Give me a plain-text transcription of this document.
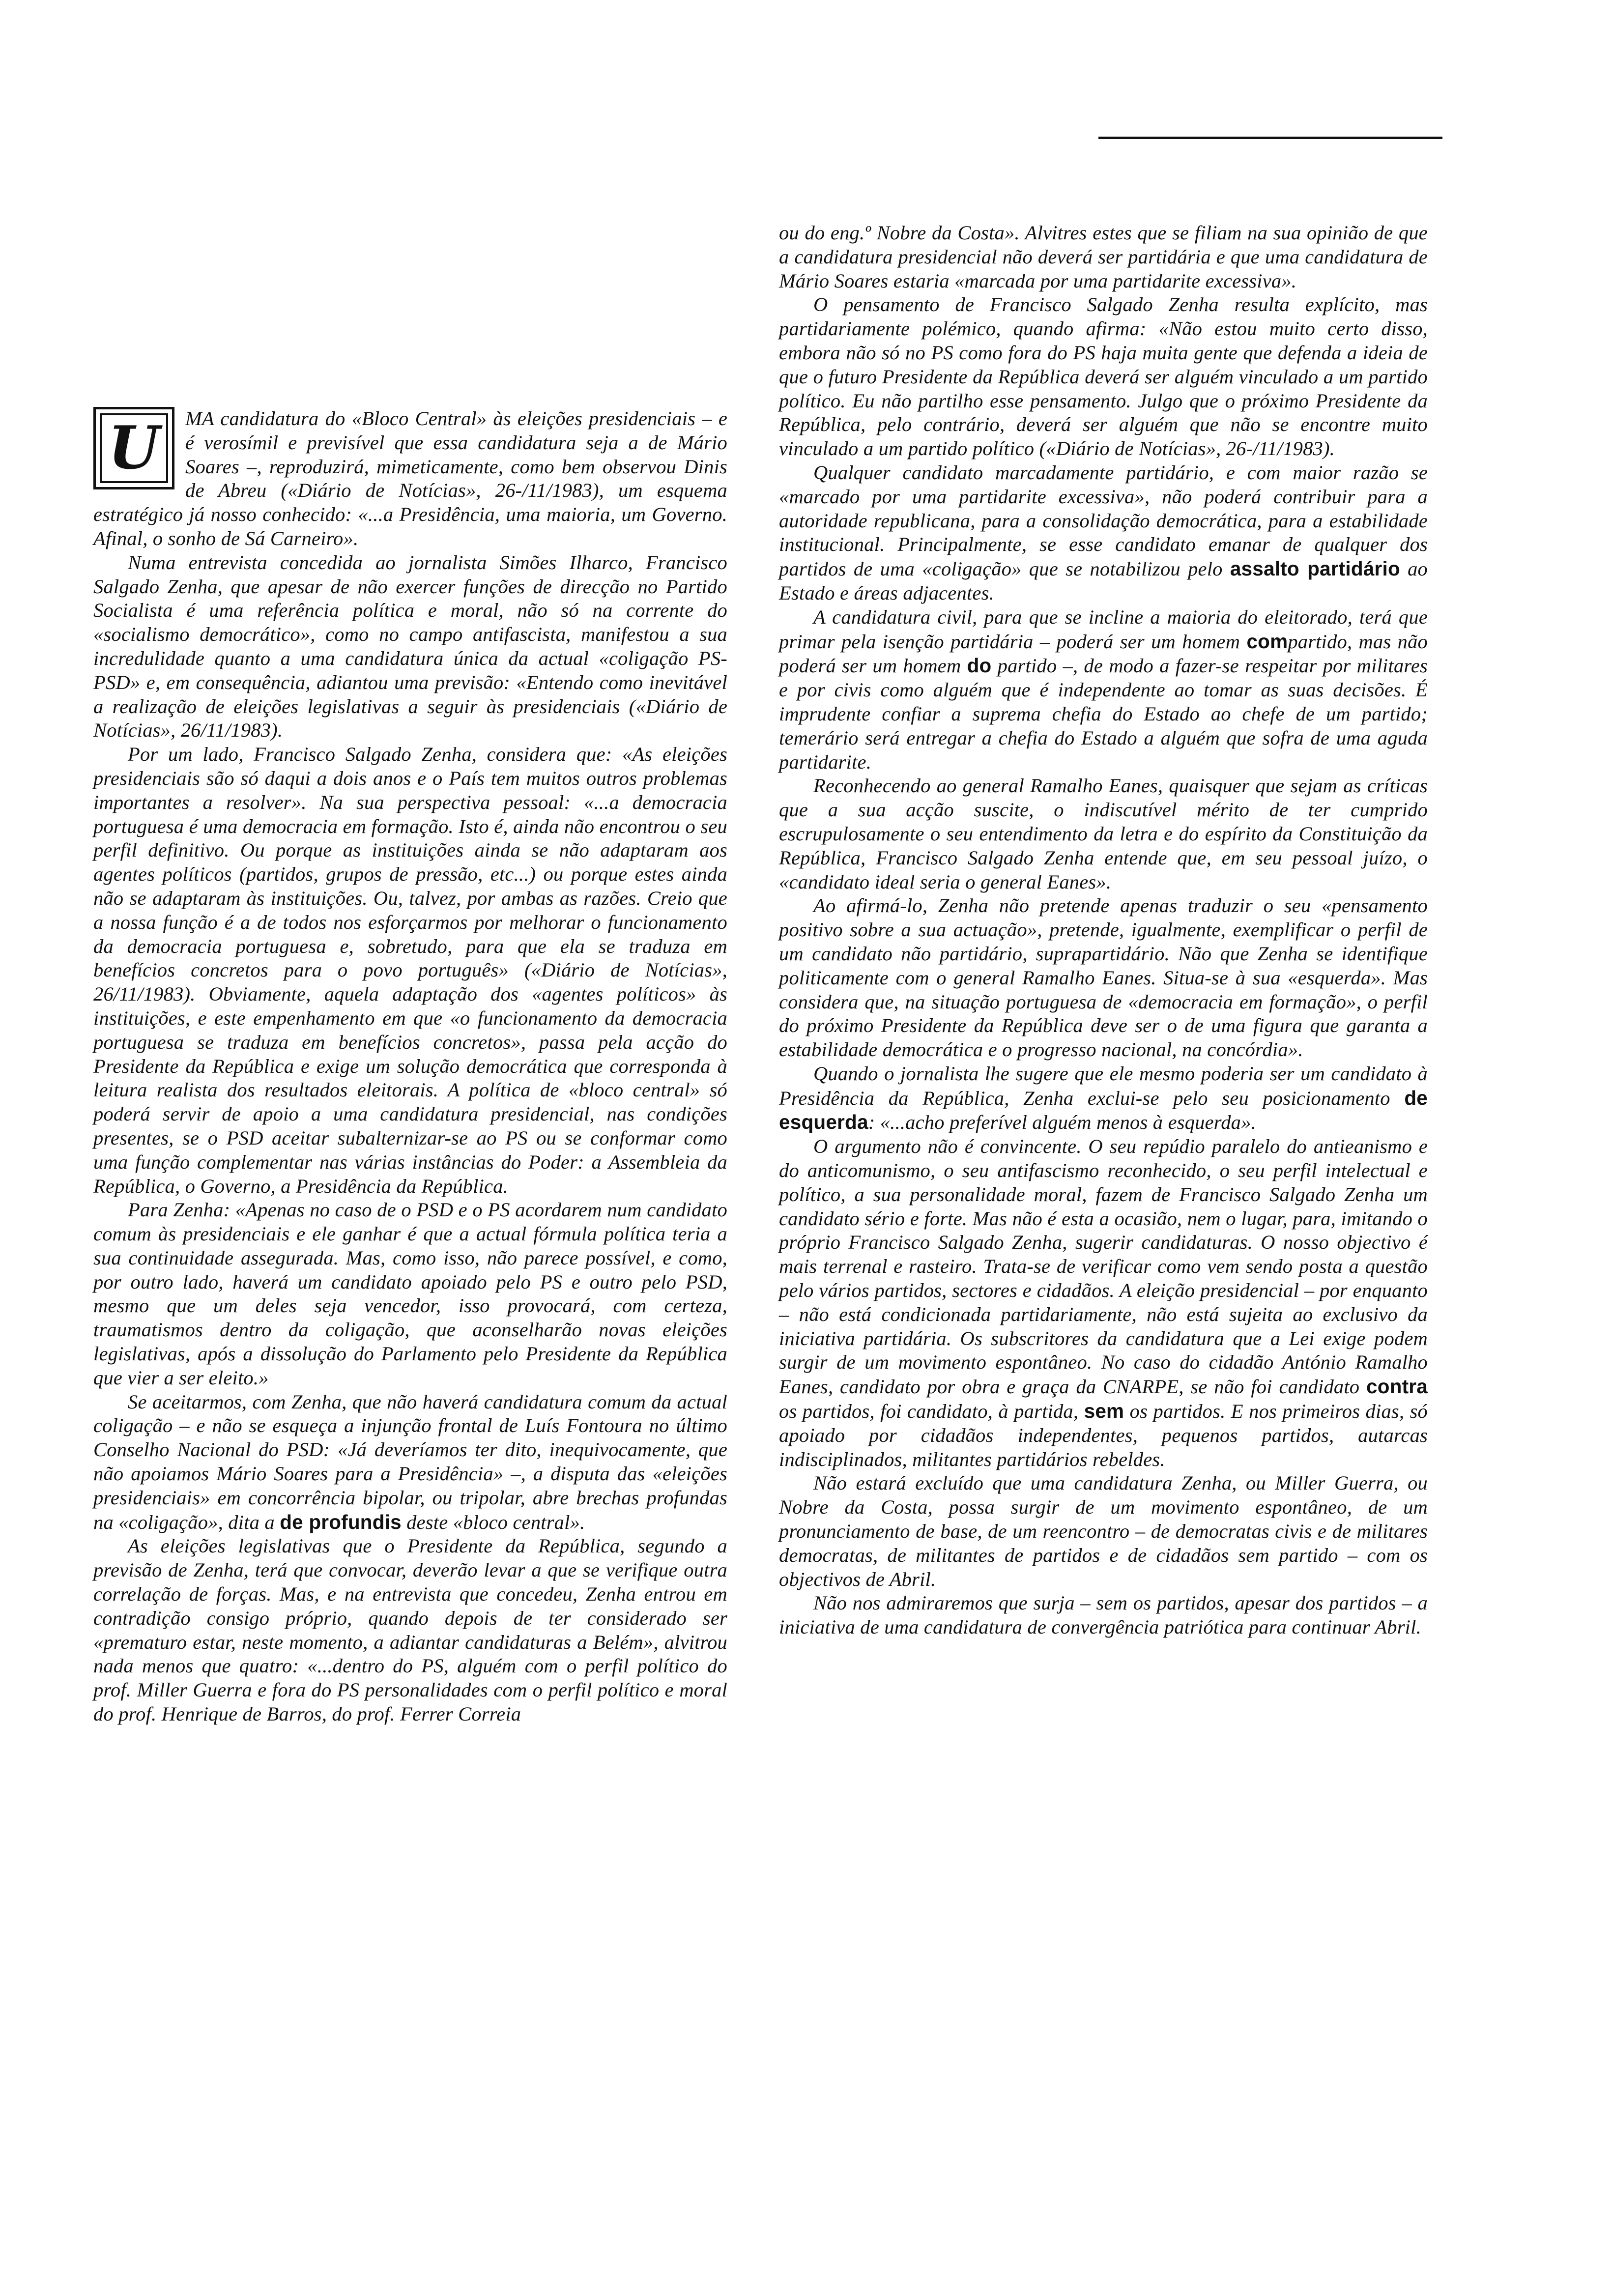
U	MA candidatura do «Bloco Central» às eleições presidenciais – e é verosímil e previsível que essa candidatura seja a de Mário Soares –, reproduzirá, mimeticamente, como bem observou Dinis de Abreu («Diário de Notícias», 26-/11/1983), um esquema estratégico já nosso conhecido: «...a Presidência, uma maioria, um Governo. Afinal, o sonho de Sá Carneiro».

Numa entrevista concedida ao jornalista Simões Ilharco, Francisco Salgado Zenha, que apesar de não exercer funções de direcção no Partido Socialista é uma referência política e moral, não só na corrente do «socialismo democrático», como no campo antifascista, manifestou a sua incredulidade quanto a uma candidatura única da actual «coligação PS-PSD» e, em consequência, adiantou uma previsão: «Entendo como inevitável a realização de eleições legislativas a seguir às presidenciais («Diário de Notícias», 26/11/1983).

Por um lado, Francisco Salgado Zenha, considera que: «As eleições presidenciais são só daqui a dois anos e o País tem muitos outros problemas importantes a resolver». Na sua perspectiva pessoal: «...a democracia portuguesa é uma democracia em formação. Isto é, ainda não encontrou o seu perfil definitivo. Ou porque as instituições ainda se não adaptaram aos agentes políticos (partidos, grupos de pressão, etc...) ou porque estes ainda não se adaptaram às instituições. Ou, talvez, por ambas as razões. Creio que a nossa função é a de todos nos esforçarmos por melhorar o funcionamento da democracia portuguesa e, sobretudo, para que ela se traduza em benefícios concretos para o povo português» («Diário de Notícias», 26/11/1983). Obviamente, aquela adaptação dos «agentes políticos» às instituições, e este empenhamento em que «o funcionamento da democracia portuguesa se traduza em benefícios concretos», passa pela acção do Presidente da República e exige um solução democrática que corresponda à leitura realista dos resultados eleitorais. A política de «bloco central» só poderá servir de apoio a uma candidatura presidencial, nas condições presentes, se o PSD aceitar subalternizar-se ao PS ou se conformar como uma função complementar nas várias instâncias do Poder: a Assembleia da República, o Governo, a Presidência da República.

Para Zenha: «Apenas no caso de o PSD e o PS acordarem num candidato comum às presidenciais e ele ganhar é que a actual fórmula política teria a sua continuidade assegurada. Mas, como isso, não parece possível, e como, por outro lado, haverá um candidato apoiado pelo PS e outro pelo PSD, mesmo que um deles seja vencedor, isso provocará, com certeza, traumatismos dentro da coligação, que aconselharão novas eleições legislativas, após a dissolução do Parlamento pelo Presidente da República que vier a ser eleito.»

Se aceitarmos, com Zenha, que não haverá candidatura comum da actual coligação – e não se esqueça a injunção frontal de Luís Fontoura no último Conselho Nacional do PSD: «Já deveríamos ter dito, inequivocamente, que não apoiamos Mário Soares para a Presidência» –, a disputa das «eleições presidenciais» em concorrência bipolar, ou tripolar, abre brechas profundas na «coligação», dita a de profundis deste «bloco central».

As eleições legislativas que o Presidente da República, segundo a previsão de Zenha, terá que convocar, deverão levar a que se verifique outra correlação de forças. Mas, e na entrevista que concedeu, Zenha entrou em contradição consigo próprio, quando depois de ter considerado ser «prematuro estar, neste momento, a adiantar candidaturas a Belém», alvitrou nada menos que quatro: «...dentro do PS, alguém com o perfil político do prof. Miller Guerra e fora do PS personalidades com o perfil político e moral do prof. Henrique de Barros, do prof. Ferrer Correia

ou do eng.º Nobre da Costa». Alvitres estes que se filiam na sua opinião de que a candidatura presidencial não deverá ser partidária e que uma candidatura de Mário Soares estaria «marcada por uma partidarite excessiva».

O pensamento de Francisco Salgado Zenha resulta explícito, mas partidariamente polémico, quando afirma: «Não estou muito certo disso, embora não só no PS como fora do PS haja muita gente que defenda a ideia de que o futuro Presidente da República deverá ser alguém vinculado a um partido político. Eu não partilho esse pensamento. Julgo que o próximo Presidente da República, pelo contrário, deverá ser alguém que não se encontre muito vinculado a um partido político («Diário de Notícias», 26-/11/1983).

Qualquer candidato marcadamente partidário, e com maior razão se «marcado por uma partidarite excessiva», não poderá contribuir para a autoridade republicana, para a consolidação democrática, para a estabilidade institucional. Principalmente, se esse candidato emanar de qualquer dos partidos de uma «coligação» que se notabilizou pelo assalto partidário ao Estado e áreas adjacentes.

A candidatura civil, para que se incline a maioria do eleitorado, terá que primar pela isenção partidária – poderá ser um homem compartido, mas não poderá ser um homem do partido –, de modo a fazer-se respeitar por militares e por civis como alguém que é independente ao tomar as suas decisões. É imprudente confiar a suprema chefia do Estado ao chefe de um partido; temerário será entregar a chefia do Estado a alguém que sofra de uma aguda partidarite.

Reconhecendo ao general Ramalho Eanes, quaisquer que sejam as críticas que a sua acção suscite, o indiscutível mérito de ter cumprido escrupulosamente o seu entendimento da letra e do espírito da Constituição da República, Francisco Salgado Zenha entende que, em seu pessoal juízo, o «candidato ideal seria o general Eanes».

Ao afirmá-lo, Zenha não pretende apenas traduzir o seu «pensamento positivo sobre a sua actuação», pretende, igualmente, exemplificar o perfil de um candidato não partidário, suprapartidário. Não que Zenha se identifique politicamente com o general Ramalho Eanes. Situa-se à sua «esquerda». Mas considera que, na situação portuguesa de «democracia em formação», o perfil do próximo Presidente da República deve ser o de uma figura que garanta a estabilidade democrática e o progresso nacional, na concórdia».

Quando o jornalista lhe sugere que ele mesmo poderia ser um candidato à Presidência da República, Zenha exclui-se pelo seu posicionamento de esquerda: «...acho preferível alguém menos à esquerda».

O argumento não é convincente. O seu repúdio paralelo do antieanismo e do anticomunismo, o seu antifascismo reconhecido, o seu perfil intelectual e político, a sua personalidade moral, fazem de Francisco Salgado Zenha um candidato sério e forte. Mas não é esta a ocasião, nem o lugar, para, imitando o próprio Francisco Salgado Zenha, sugerir candidaturas. O nosso objectivo é mais terrenal e rasteiro. Trata-se de verificar como vem sendo posta a questão pelo vários partidos, sectores e cidadãos. A eleição presidencial – por enquanto – não está condicionada partidariamente, não está sujeita ao exclusivo da iniciativa partidária. Os subscritores da candidatura que a Lei exige podem surgir de um movimento espontâneo. No caso do cidadão António Ramalho Eanes, candidato por obra e graça da CNARPE, se não foi candidato contra os partidos, foi candidato, à partida, sem os partidos. E nos primeiros dias, só apoiado por cidadãos independentes, pequenos partidos, autarcas indisciplinados, militantes partidários rebeldes.

Não estará excluído que uma candidatura Zenha, ou Miller Guerra, ou Nobre da Costa, possa surgir de um movimento espontâneo, de um pronunciamento de base, de um reencontro – de democratas civis e de militares democratas, de militantes de partidos e de cidadãos sem partido – com os objectivos de Abril.

Não nos admiraremos que surja – sem os partidos, apesar dos partidos – a iniciativa de uma candidatura de convergência patriótica para continuar Abril.
